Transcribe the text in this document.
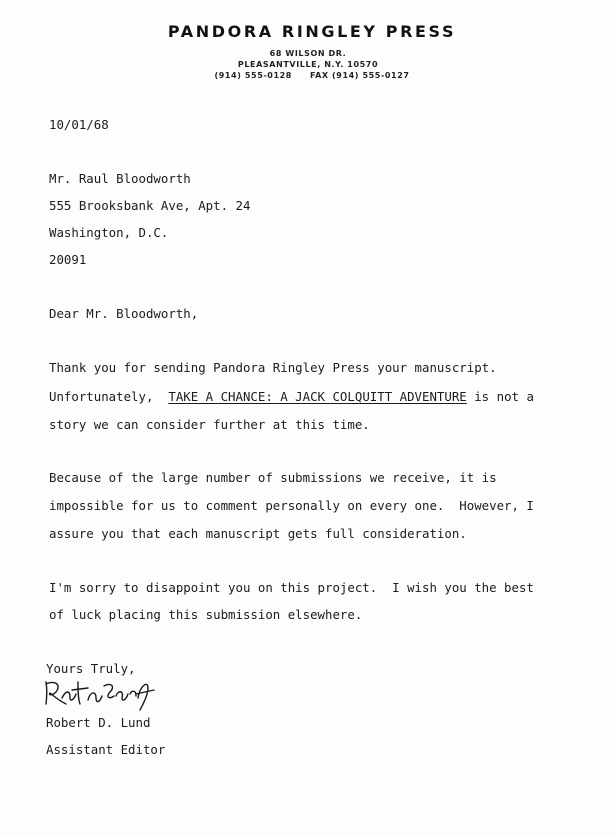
PANDORA RINGLEY PRESS
68 WILSON DR.
PLEASANTVILLE, N.Y. 10570
(914) 555-0128 FAX (914) 555-0127
10/01/68
Mr. Raul Bloodworth
555 Brooksbank Ave, Apt. 24
Washington, D.C.
20091
Dear Mr. Bloodworth,
Thank you for sending Pandora Ringley Press your manuscript.
Unfortunately,  TAKE A CHANCE: A JACK COLQUITT ADVENTURE is not a
story we can consider further at this time.
Because of the large number of submissions we receive, it is
impossible for us to comment personally on every one.  However, I
assure you that each manuscript gets full consideration.
I'm sorry to disappoint you on this project.  I wish you the best
of luck placing this submission elsewhere.
Yours Truly,
Robert D. Lund
Assistant Editor
